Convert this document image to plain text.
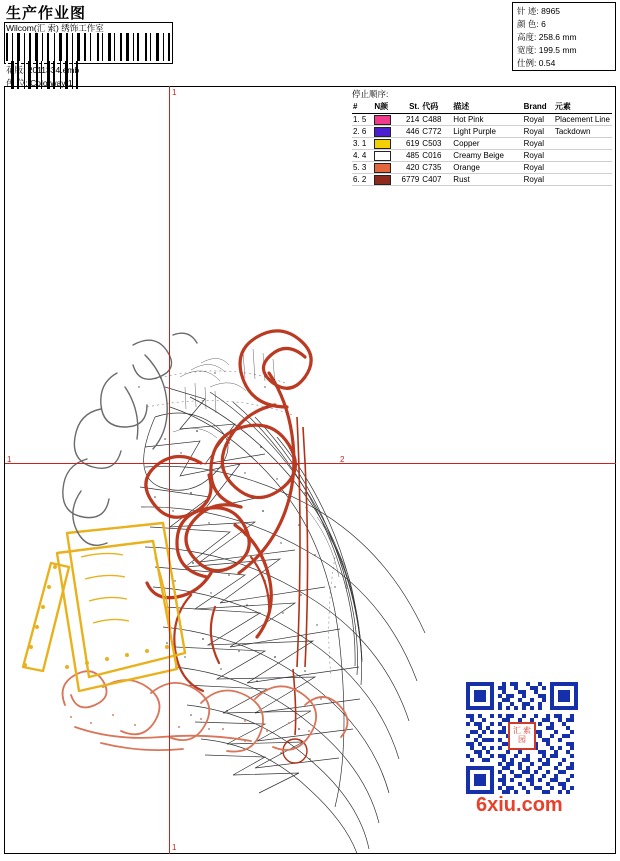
生产作业图
Wilcom(汇 索) 绣饰工作室

花版: 2011334.emb
色 位: Colorway 1
针 迹: 8965
颜 色: 6
高度: 258.6 mm
宽度: 199.5 mm
仕例: 0.54
1
1
1	2
停止顺序:
#	N颜	St.	代码	描述	Brand	元素
1. 5		214	C488	Hot Pink	Royal	Placement Line
2. 6		446	C772	Light Purple	Royal	Tackdown
3. 1		619	C503	Copper	Royal	
4. 4		485	C016	Creamy Beige	Royal	
5. 3		420	C735	Orange	Royal	
6. 2		6779	C407	Rust	Royal	
汇 索 园
6xiu.com
